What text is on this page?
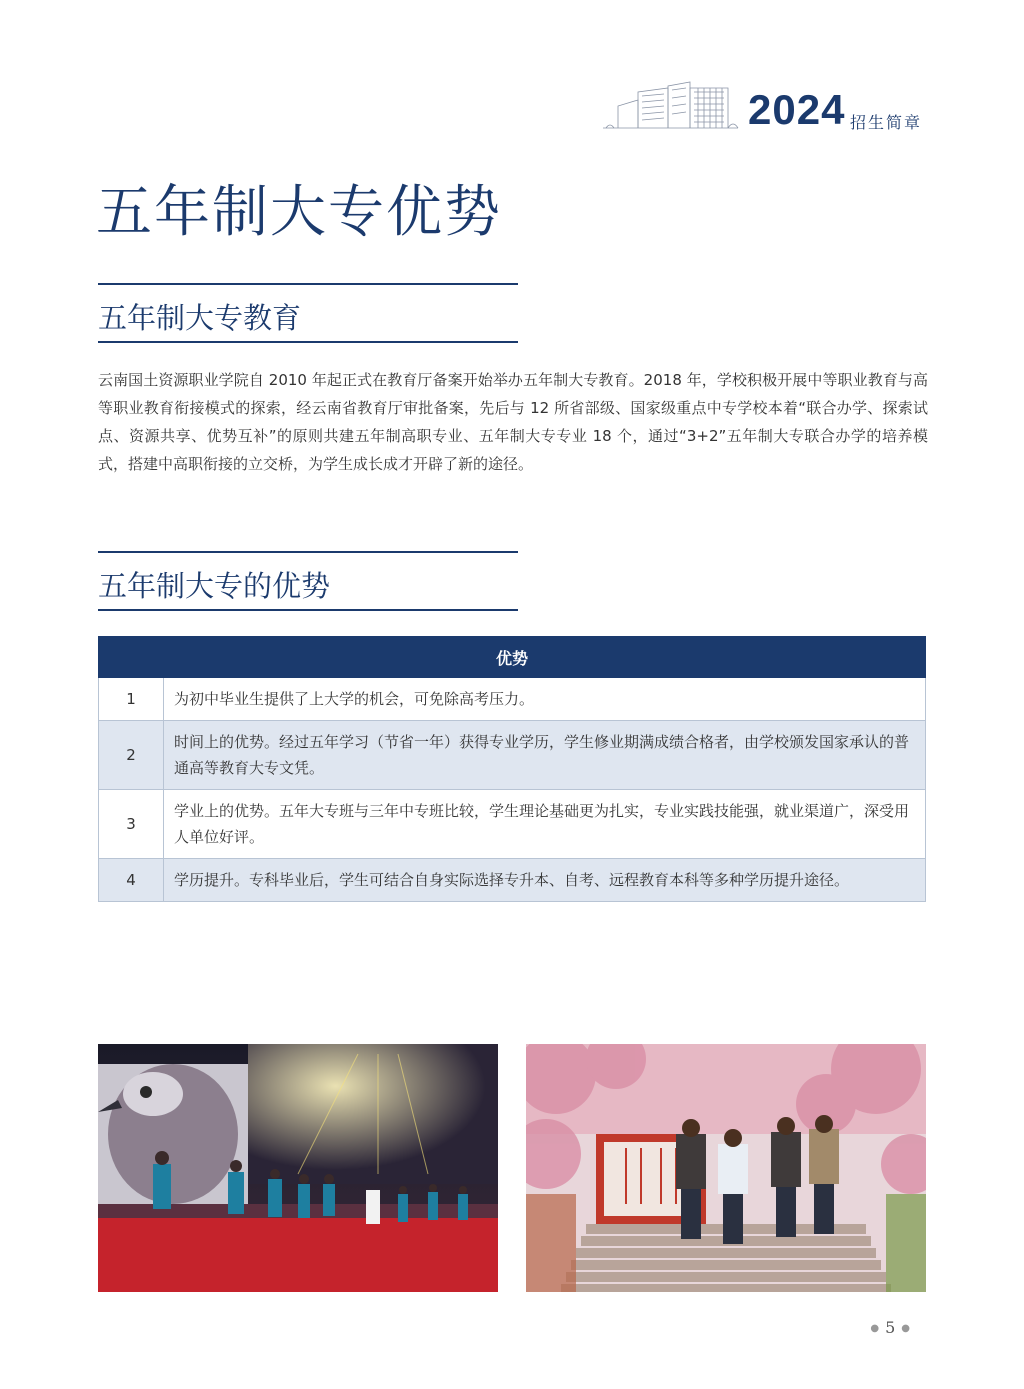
2024 招生简章
五年制大专优势
五年制大专教育

云南国土资源职业学院自 2010 年起正式在教育厅备案开始举办五年制大专教育。2018 年，学校积极开展中等职业教育与高等职业教育衔接模式的探索，经云南省教育厅审批备案，先后与 12 所省部级、国家级重点中专学校本着“联合办学、探索试点、资源共享、优势互补”的原则共建五年制高职专业、五年制大专专业 18 个，通过“3+2”五年制大专联合办学的培养模式，搭建中高职衔接的立交桥，为学生成长成才开辟了新的途径。

五年制大专的优势
优势	
1	为初中毕业生提供了上大学的机会，可免除高考压力。
2	时间上的优势。经过五年学习（节省一年）获得专业学历，学生修业期满成绩合格者，由学校颁发国家承认的普通高等教育大专文凭。
3	学业上的优势。五年大专班与三年中专班比较，学生理论基础更为扎实，专业实践技能强，就业渠道广，深受用人单位好评。
4	学历提升。专科毕业后，学生可结合自身实际选择专升本、自考、远程教育本科等多种学历提升途径。
● 5 ●
